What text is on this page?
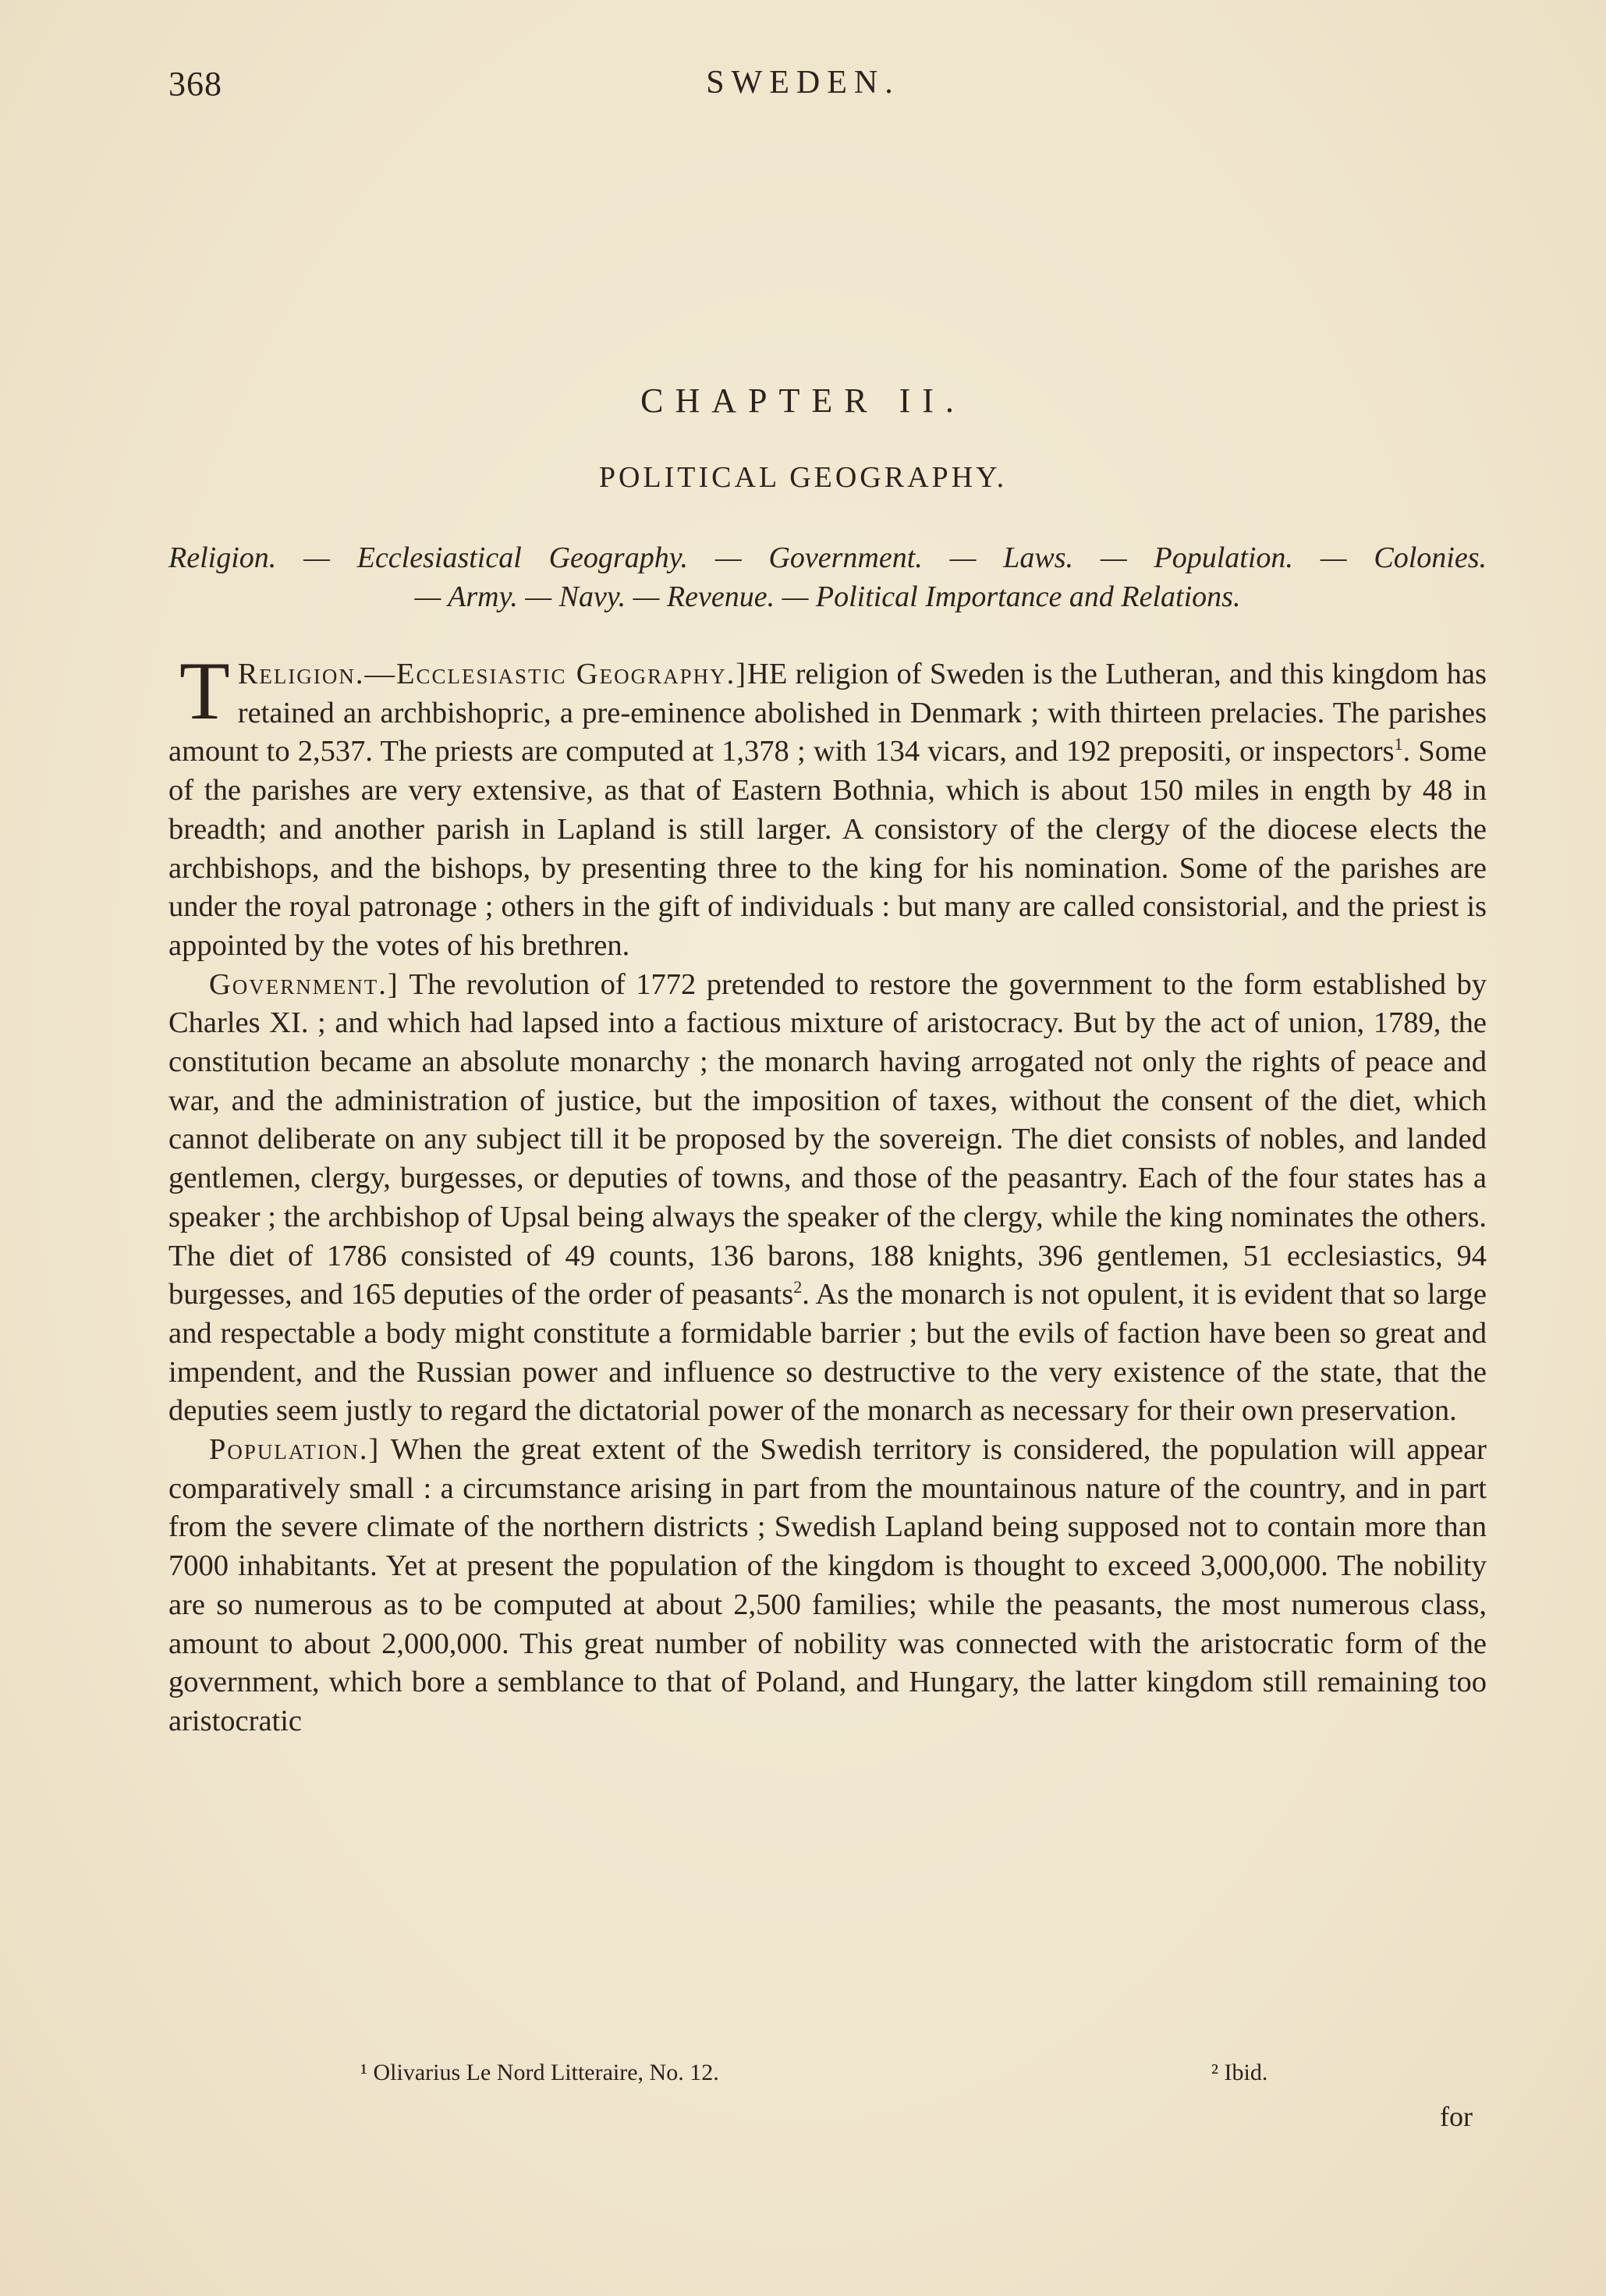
368	SWEDEN.
CHAPTER II.
POLITICAL GEOGRAPHY.
Religion. — Ecclesiastical Geography. — Government. — Laws. — Population. — Colonies.
— Army. — Navy. — Revenue. — Political Importance and Relations.

Religion.—Ecclesiastic Geography.]
T	HE religion of Sweden is the Lutheran, and this kingdom has retained an archbishopric, a pre-eminence abolished in Denmark ; with thirteen prelacies. The parishes amount to 2,537. The priests are computed at 1,378 ; with 134 vicars, and 192 prepositi, or inspectors$^1$. Some of the parishes are very extensive, as that of Eastern Bothnia, which is about 150 miles in ength by 48 in breadth; and another parish in Lapland is still larger. A consistory of the clergy of the diocese elects the archbishops, and the bishops, by presenting three to the king for his nomination. Some of the parishes are under the royal patronage ; others in the gift of individuals : but many are called consistorial, and the priest is appointed by the votes of his brethren.

Government.] The revolution of 1772 pretended to restore the government to the form established by Charles XI. ; and which had lapsed into a factious mixture of aristocracy. But by the act of union, 1789, the constitution became an absolute monarchy ; the monarch having arrogated not only the rights of peace and war, and the administration of justice, but the imposition of taxes, without the consent of the diet, which cannot deliberate on any subject till it be proposed by the sovereign. The diet consists of nobles, and landed gentlemen, clergy, burgesses, or deputies of towns, and those of the peasantry. Each of the four states has a speaker ; the archbishop of Upsal being always the speaker of the clergy, while the king nominates the others. The diet of 1786 consisted of 49 counts, 136 barons, 188 knights, 396 gentlemen, 51 ecclesiastics, 94 burgesses, and 165 deputies of the order of peasants$^2$. As the monarch is not opulent, it is evident that so large and respectable a body might constitute a formidable barrier ; but the evils of faction have been so great and impendent, and the Russian power and influence so destructive to the very existence of the state, that the deputies seem justly to regard the dictatorial power of the monarch as necessary for their own preservation.

Population.] When the great extent of the Swedish territory is considered, the population will appear comparatively small : a circumstance arising in part from the mountainous nature of the country, and in part from the severe climate of the northern districts ; Swedish Lapland being supposed not to contain more than 7000 inhabitants. Yet at present the population of the kingdom is thought to exceed 3,000,000. The nobility are so numerous as to be computed at about 2,500 families; while the peasants, the most numerous class, amount to about 2,000,000. This great number of nobility was connected with the aristocratic form of the government, which bore a semblance to that of Poland, and Hungary, the latter kingdom still remaining too aristocratic

¹ Olivarius Le Nord Litteraire, No. 12.	² Ibid.
for
